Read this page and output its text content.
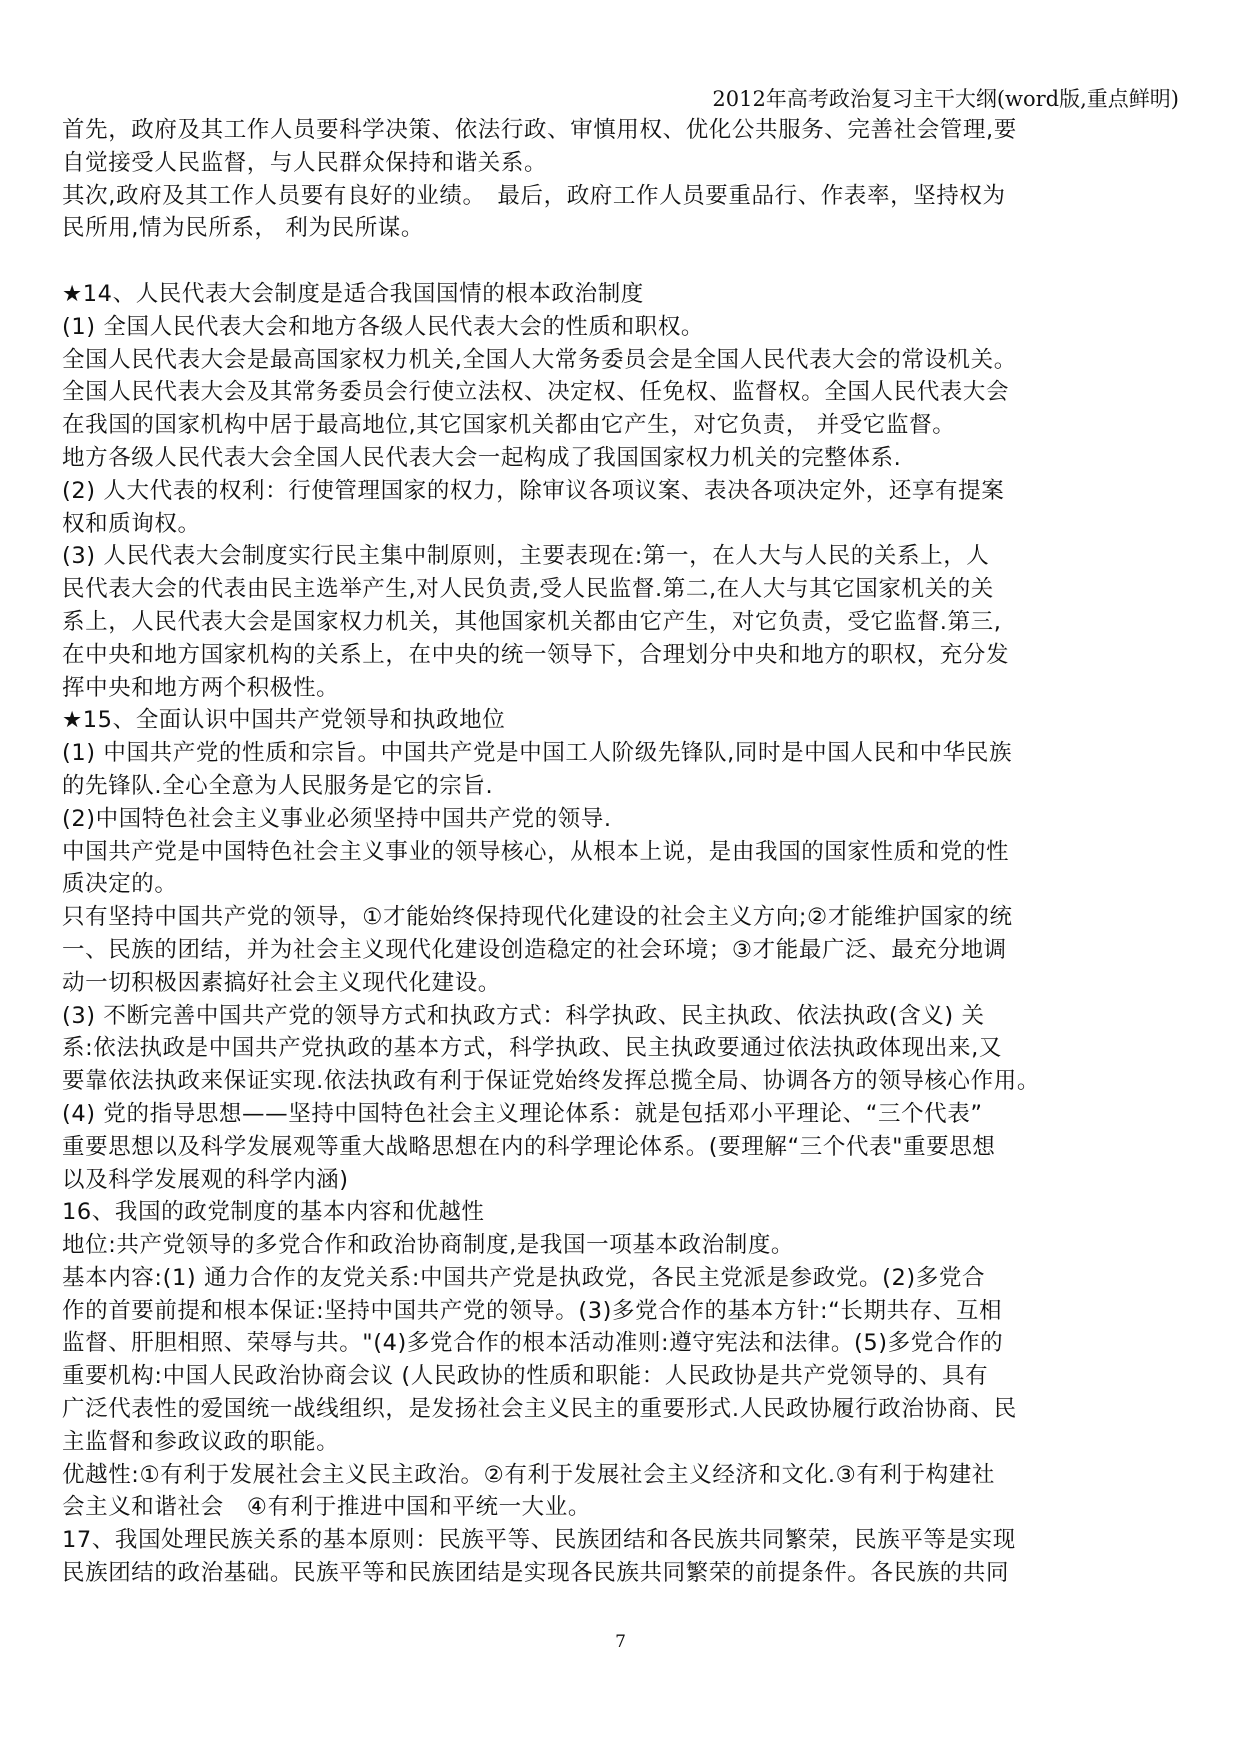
2012年高考政治复习主干大纲(word版,重点鲜明)
首先，政府及其工作人员要科学决策、依法行政、审慎用权、优化公共服务、完善社会管理,要
自觉接受人民监督，与人民群众保持和谐关系。
其次,政府及其工作人员要有良好的业绩。　最后，政府工作人员要重品行、作表率，坚持权为
民所用,情为民所系， 利为民所谋。
★14、人民代表大会制度是适合我国国情的根本政治制度
(1) 全国人民代表大会和地方各级人民代表大会的性质和职权。
全国人民代表大会是最高国家权力机关,全国人大常务委员会是全国人民代表大会的常设机关。
全国人民代表大会及其常务委员会行使立法权、决定权、任免权、监督权。全国人民代表大会
在我国的国家机构中居于最高地位,其它国家机关都由它产生，对它负责， 并受它监督。
地方各级人民代表大会全国人民代表大会一起构成了我国国家权力机关的完整体系.
(2) 人大代表的权利：行使管理国家的权力，除审议各项议案、表决各项决定外，还享有提案
权和质询权。
(3) 人民代表大会制度实行民主集中制原则，主要表现在:第一，在人大与人民的关系上，人
民代表大会的代表由民主选举产生,对人民负责,受人民监督.第二,在人大与其它国家机关的关
系上，人民代表大会是国家权力机关，其他国家机关都由它产生，对它负责，受它监督.第三,
在中央和地方国家机构的关系上，在中央的统一领导下，合理划分中央和地方的职权，充分发
挥中央和地方两个积极性。
★15、全面认识中国共产党领导和执政地位
(1) 中国共产党的性质和宗旨。中国共产党是中国工人阶级先锋队,同时是中国人民和中华民族
的先锋队.全心全意为人民服务是它的宗旨.
(2)中国特色社会主义事业必须坚持中国共产党的领导.
中国共产党是中国特色社会主义事业的领导核心，从根本上说，是由我国的国家性质和党的性
质决定的。
只有坚持中国共产党的领导，①才能始终保持现代化建设的社会主义方向;②才能维护国家的统
一、民族的团结，并为社会主义现代化建设创造稳定的社会环境；③才能最广泛、最充分地调
动一切积极因素搞好社会主义现代化建设。
(3) 不断完善中国共产党的领导方式和执政方式：科学执政、民主执政、依法执政(含义) 关
系:依法执政是中国共产党执政的基本方式，科学执政、民主执政要通过依法执政体现出来,又
要靠依法执政来保证实现.依法执政有利于保证党始终发挥总揽全局、协调各方的领导核心作用。
(4) 党的指导思想——坚持中国特色社会主义理论体系：就是包括邓小平理论、“三个代表”
重要思想以及科学发展观等重大战略思想在内的科学理论体系。(要理解“三个代表"重要思想
以及科学发展观的科学内涵)
16、我国的政党制度的基本内容和优越性
地位:共产党领导的多党合作和政治协商制度,是我国一项基本政治制度。
基本内容:(1) 通力合作的友党关系:中国共产党是执政党，各民主党派是参政党。(2)多党合
作的首要前提和根本保证:坚持中国共产党的领导。(3)多党合作的基本方针:“长期共存、互相
监督、肝胆相照、荣辱与共。"(4)多党合作的根本活动准则:遵守宪法和法律。(5)多党合作的
重要机构:中国人民政治协商会议 (人民政协的性质和职能：人民政协是共产党领导的、具有
广泛代表性的爱国统一战线组织，是发扬社会主义民主的重要形式.人民政协履行政治协商、民
主监督和参政议政的职能。
优越性:①有利于发展社会主义民主政治。②有利于发展社会主义经济和文化.③有利于构建社
会主义和谐社会　④有利于推进中国和平统一大业。
17、我国处理民族关系的基本原则：民族平等、民族团结和各民族共同繁荣，民族平等是实现
民族团结的政治基础。民族平等和民族团结是实现各民族共同繁荣的前提条件。各民族的共同
7
